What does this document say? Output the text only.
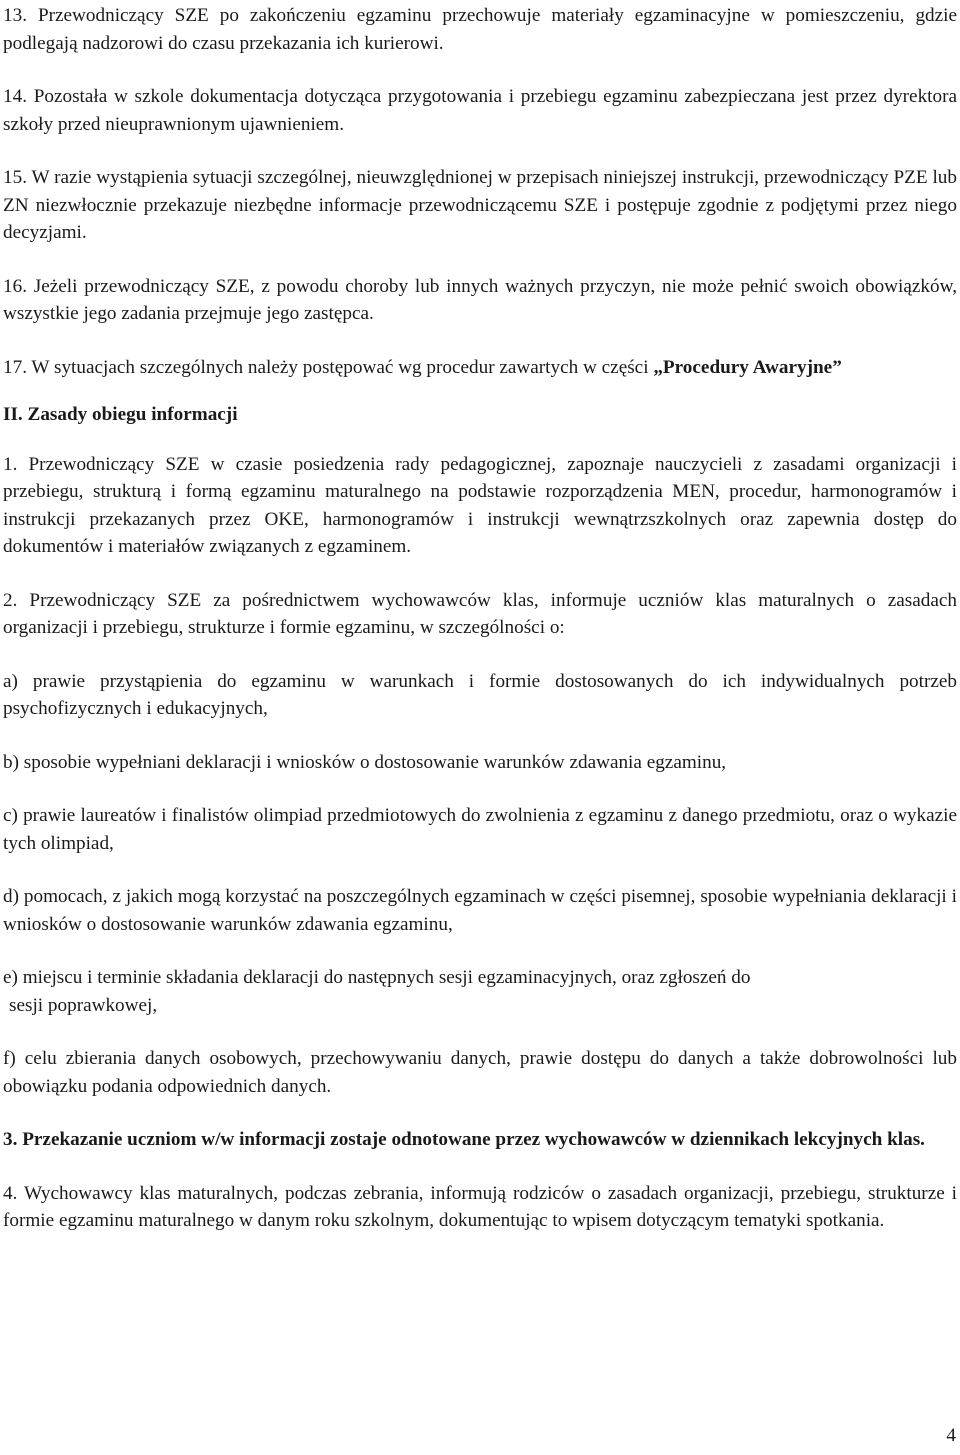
13. Przewodniczący SZE po zakończeniu egzaminu przechowuje materiały egzaminacyjne w pomieszczeniu, gdzie podlegają nadzorowi do czasu przekazania ich kurierowi.

14. Pozostała w szkole dokumentacja dotycząca przygotowania i przebiegu egzaminu zabezpieczana jest przez dyrektora szkoły przed nieuprawnionym ujawnieniem.

15. W razie wystąpienia sytuacji szczególnej, nieuwzględnionej w przepisach niniejszej instrukcji, przewodniczący PZE lub ZN niezwłocznie przekazuje niezbędne informacje przewodniczącemu SZE i postępuje zgodnie z podjętymi przez niego decyzjami.

16. Jeżeli przewodniczący SZE, z powodu choroby lub innych ważnych przyczyn, nie może pełnić swoich obowiązków, wszystkie jego zadania przejmuje jego zastępca.

17. W sytuacjach szczególnych należy postępować wg procedur zawartych w części „Procedury Awaryjne”

II. Zasady obiegu informacji

1. Przewodniczący SZE w czasie posiedzenia rady pedagogicznej, zapoznaje nauczycieli z zasadami organizacji i przebiegu, strukturą i formą egzaminu maturalnego na podstawie rozporządzenia MEN, procedur, harmonogramów i instrukcji przekazanych przez OKE, harmonogramów i instrukcji wewnątrzszkolnych oraz zapewnia dostęp do dokumentów i materiałów związanych z egzaminem.

2. Przewodniczący SZE za pośrednictwem wychowawców klas, informuje uczniów klas maturalnych o zasadach organizacji i przebiegu, strukturze i formie egzaminu, w szczególności o:

a) prawie przystąpienia do egzaminu w warunkach i formie dostosowanych do ich indywidualnych potrzeb psychofizycznych i edukacyjnych,

b) sposobie wypełniani deklaracji i wniosków o dostosowanie warunków zdawania egzaminu,

c) prawie laureatów i finalistów olimpiad przedmiotowych do zwolnienia z egzaminu z danego przedmiotu, oraz o wykazie tych olimpiad,

d) pomocach, z jakich mogą korzystać na poszczególnych egzaminach w części pisemnej, sposobie wypełniania deklaracji i wniosków o dostosowanie warunków zdawania egzaminu,

e) miejscu i terminie składania deklaracji do następnych sesji egzaminacyjnych, oraz zgłoszeń do
sesji poprawkowej,

f) celu zbierania danych osobowych, przechowywaniu danych, prawie dostępu do danych a także dobrowolności lub obowiązku podania odpowiednich danych.

3. Przekazanie uczniom w/w informacji zostaje odnotowane przez wychowawców w dziennikach lekcyjnych klas.

4. Wychowawcy klas maturalnych, podczas zebrania, informują rodziców o zasadach organizacji, przebiegu, strukturze i formie egzaminu maturalnego w danym roku szkolnym, dokumentując to wpisem dotyczącym tematyki spotkania.

4
